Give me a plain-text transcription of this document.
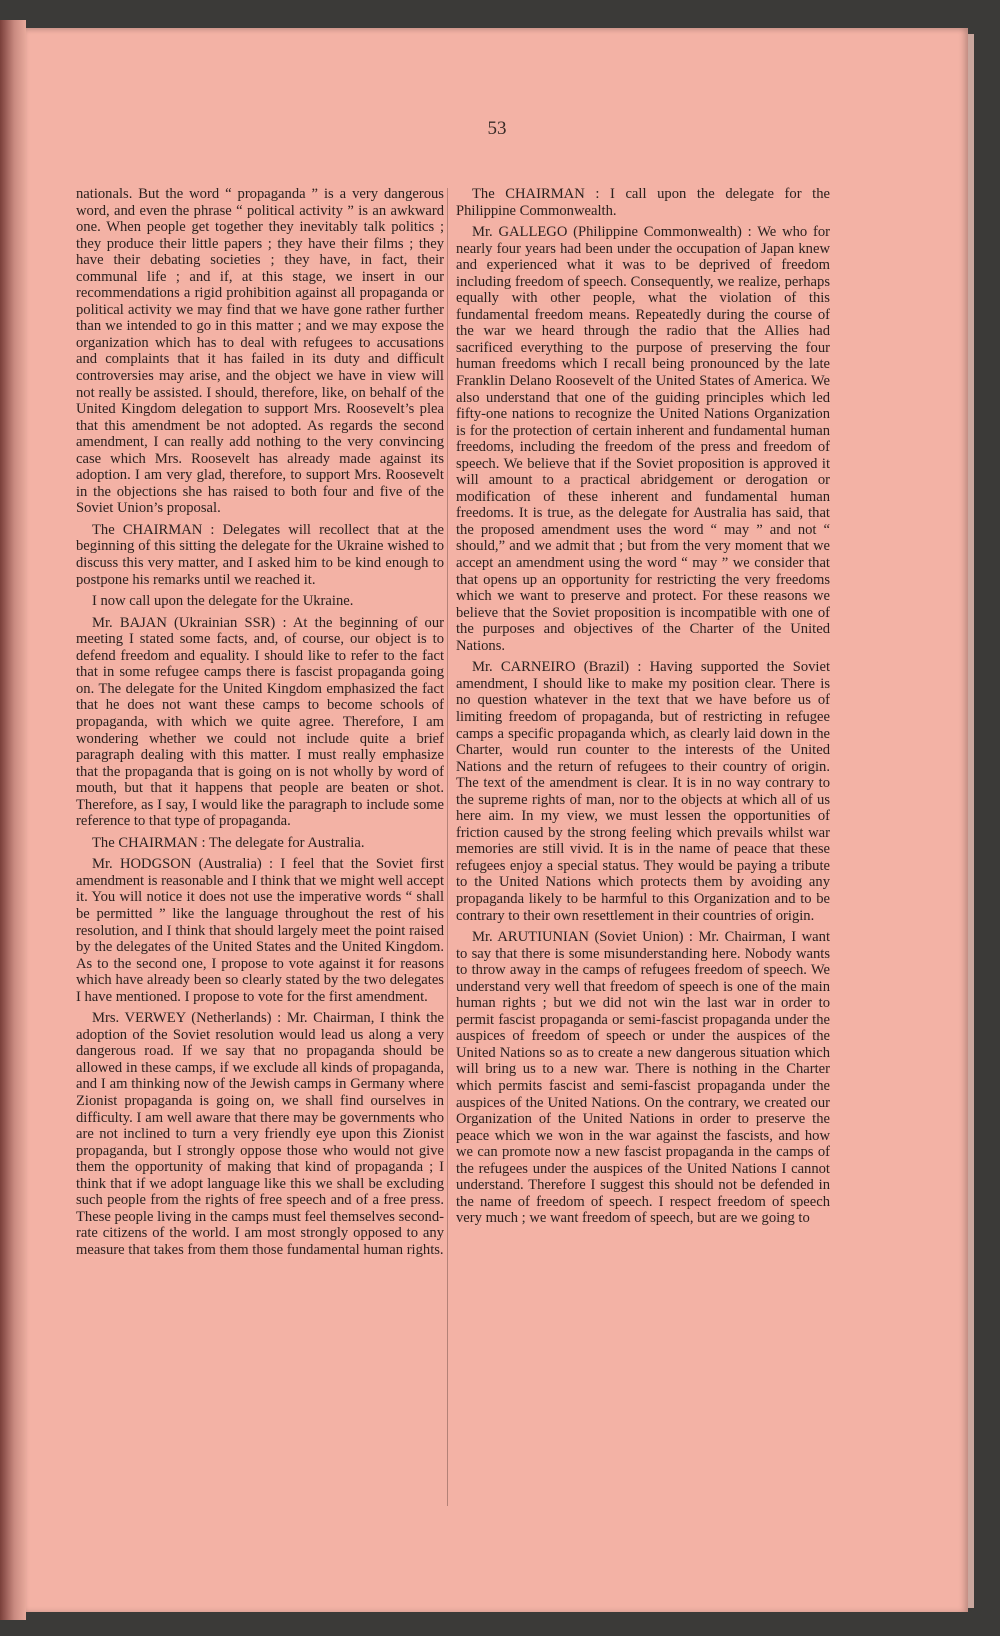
53

nationals. But the word “ propaganda ” is a very dangerous word, and even the phrase “ political activity ” is an awkward one. When people get together they inevitably talk politics ; they produce their little papers ; they have their films ; they have their debating societies ; they have, in fact, their communal life ; and if, at this stage, we insert in our recommendations a rigid prohibition against all propaganda or political activity we may find that we have gone rather further than we intended to go in this matter ; and we may expose the organization which has to deal with refugees to accusations and complaints that it has failed in its duty and difficult controversies may arise, and the object we have in view will not really be assisted. I should, therefore, like, on behalf of the United Kingdom delegation to support Mrs. Roosevelt’s plea that this amendment be not adopted. As regards the second amendment, I can really add nothing to the very convincing case which Mrs. Roosevelt has already made against its adoption. I am very glad, therefore, to support Mrs. Roosevelt in the objections she has raised to both four and five of the Soviet Union’s proposal.

The CHAIRMAN : Delegates will recollect that at the beginning of this sitting the delegate for the Ukraine wished to discuss this very matter, and I asked him to be kind enough to postpone his remarks until we reached it.

I now call upon the delegate for the Ukraine.

Mr. BAJAN (Ukrainian SSR) : At the beginning of our meeting I stated some facts, and, of course, our object is to defend freedom and equality. I should like to refer to the fact that in some refugee camps there is fascist propaganda going on. The delegate for the United Kingdom emphasized the fact that he does not want these camps to become schools of propaganda, with which we quite agree. Therefore, I am wondering whether we could not include quite a brief paragraph dealing with this matter. I must really emphasize that the propaganda that is going on is not wholly by word of mouth, but that it happens that people are beaten or shot. Therefore, as I say, I would like the paragraph to include some reference to that type of propaganda.

The CHAIRMAN : The delegate for Australia.

Mr. HODGSON (Australia) : I feel that the Soviet first amendment is reasonable and I think that we might well accept it. You will notice it does not use the imperative words “ shall be permitted ” like the language throughout the rest of his resolution, and I think that should largely meet the point raised by the delegates of the United States and the United Kingdom. As to the second one, I propose to vote against it for reasons which have already been so clearly stated by the two delegates I have mentioned. I propose to vote for the first amendment.

Mrs. VERWEY (Netherlands) : Mr. Chairman, I think the adoption of the Soviet resolution would lead us along a very dangerous road. If we say that no propaganda should be allowed in these camps, if we exclude all kinds of propaganda, and I am thinking now of the Jewish camps in Germany where Zionist propaganda is going on, we shall find ourselves in difficulty. I am well aware that there may be governments who are not inclined to turn a very friendly eye upon this Zionist propaganda, but I strongly oppose those who would not give them the opportunity of making that kind of propaganda ; I think that if we adopt language like this we shall be excluding such people from the rights of free speech and of a free press. These people living in the camps must feel themselves second-rate citizens of the world. I am most strongly opposed to any measure that takes from them those fundamental human rights.

The CHAIRMAN : I call upon the delegate for the Philippine Commonwealth.

Mr. GALLEGO (Philippine Commonwealth) : We who for nearly four years had been under the occupation of Japan knew and experienced what it was to be deprived of freedom including freedom of speech. Consequently, we realize, perhaps equally with other people, what the violation of this fundamental freedom means. Repeatedly during the course of the war we heard through the radio that the Allies had sacrificed everything to the purpose of preserving the four human freedoms which I recall being pronounced by the late Franklin Delano Roosevelt of the United States of America. We also understand that one of the guiding principles which led fifty-one nations to recognize the United Nations Organization is for the protection of certain inherent and fundamental human freedoms, including the freedom of the press and freedom of speech. We believe that if the Soviet proposition is approved it will amount to a practical abridgement or derogation or modification of these inherent and fundamental human freedoms. It is true, as the delegate for Australia has said, that the proposed amendment uses the word “ may ” and not “ should,” and we admit that ; but from the very moment that we accept an amendment using the word “ may ” we consider that that opens up an opportunity for restricting the very freedoms which we want to preserve and protect. For these reasons we believe that the Soviet proposition is incompatible with one of the purposes and objectives of the Charter of the United Nations.

Mr. CARNEIRO (Brazil) : Having supported the Soviet amendment, I should like to make my position clear. There is no question whatever in the text that we have before us of limiting freedom of propaganda, but of restricting in refugee camps a specific propaganda which, as clearly laid down in the Charter, would run counter to the interests of the United Nations and the return of refugees to their country of origin. The text of the amendment is clear. It is in no way contrary to the supreme rights of man, nor to the objects at which all of us here aim. In my view, we must lessen the opportunities of friction caused by the strong feeling which prevails whilst war memories are still vivid. It is in the name of peace that these refugees enjoy a special status. They would be paying a tribute to the United Nations which protects them by avoiding any propaganda likely to be harmful to this Organization and to be contrary to their own resettlement in their countries of origin.

Mr. ARUTIUNIAN (Soviet Union) : Mr. Chairman, I want to say that there is some misunderstanding here. Nobody wants to throw away in the camps of refugees freedom of speech. We understand very well that freedom of speech is one of the main human rights ; but we did not win the last war in order to permit fascist propaganda or semi-fascist propaganda under the auspices of freedom of speech or under the auspices of the United Nations so as to create a new dangerous situation which will bring us to a new war. There is nothing in the Charter which permits fascist and semi-fascist propaganda under the auspices of the United Nations. On the contrary, we created our Organization of the United Nations in order to preserve the peace which we won in the war against the fascists, and how we can promote now a new fascist propaganda in the camps of the refugees under the auspices of the United Nations I cannot understand. Therefore I suggest this should not be defended in the name of freedom of speech. I respect freedom of speech very much ; we want freedom of speech, but are we going to
